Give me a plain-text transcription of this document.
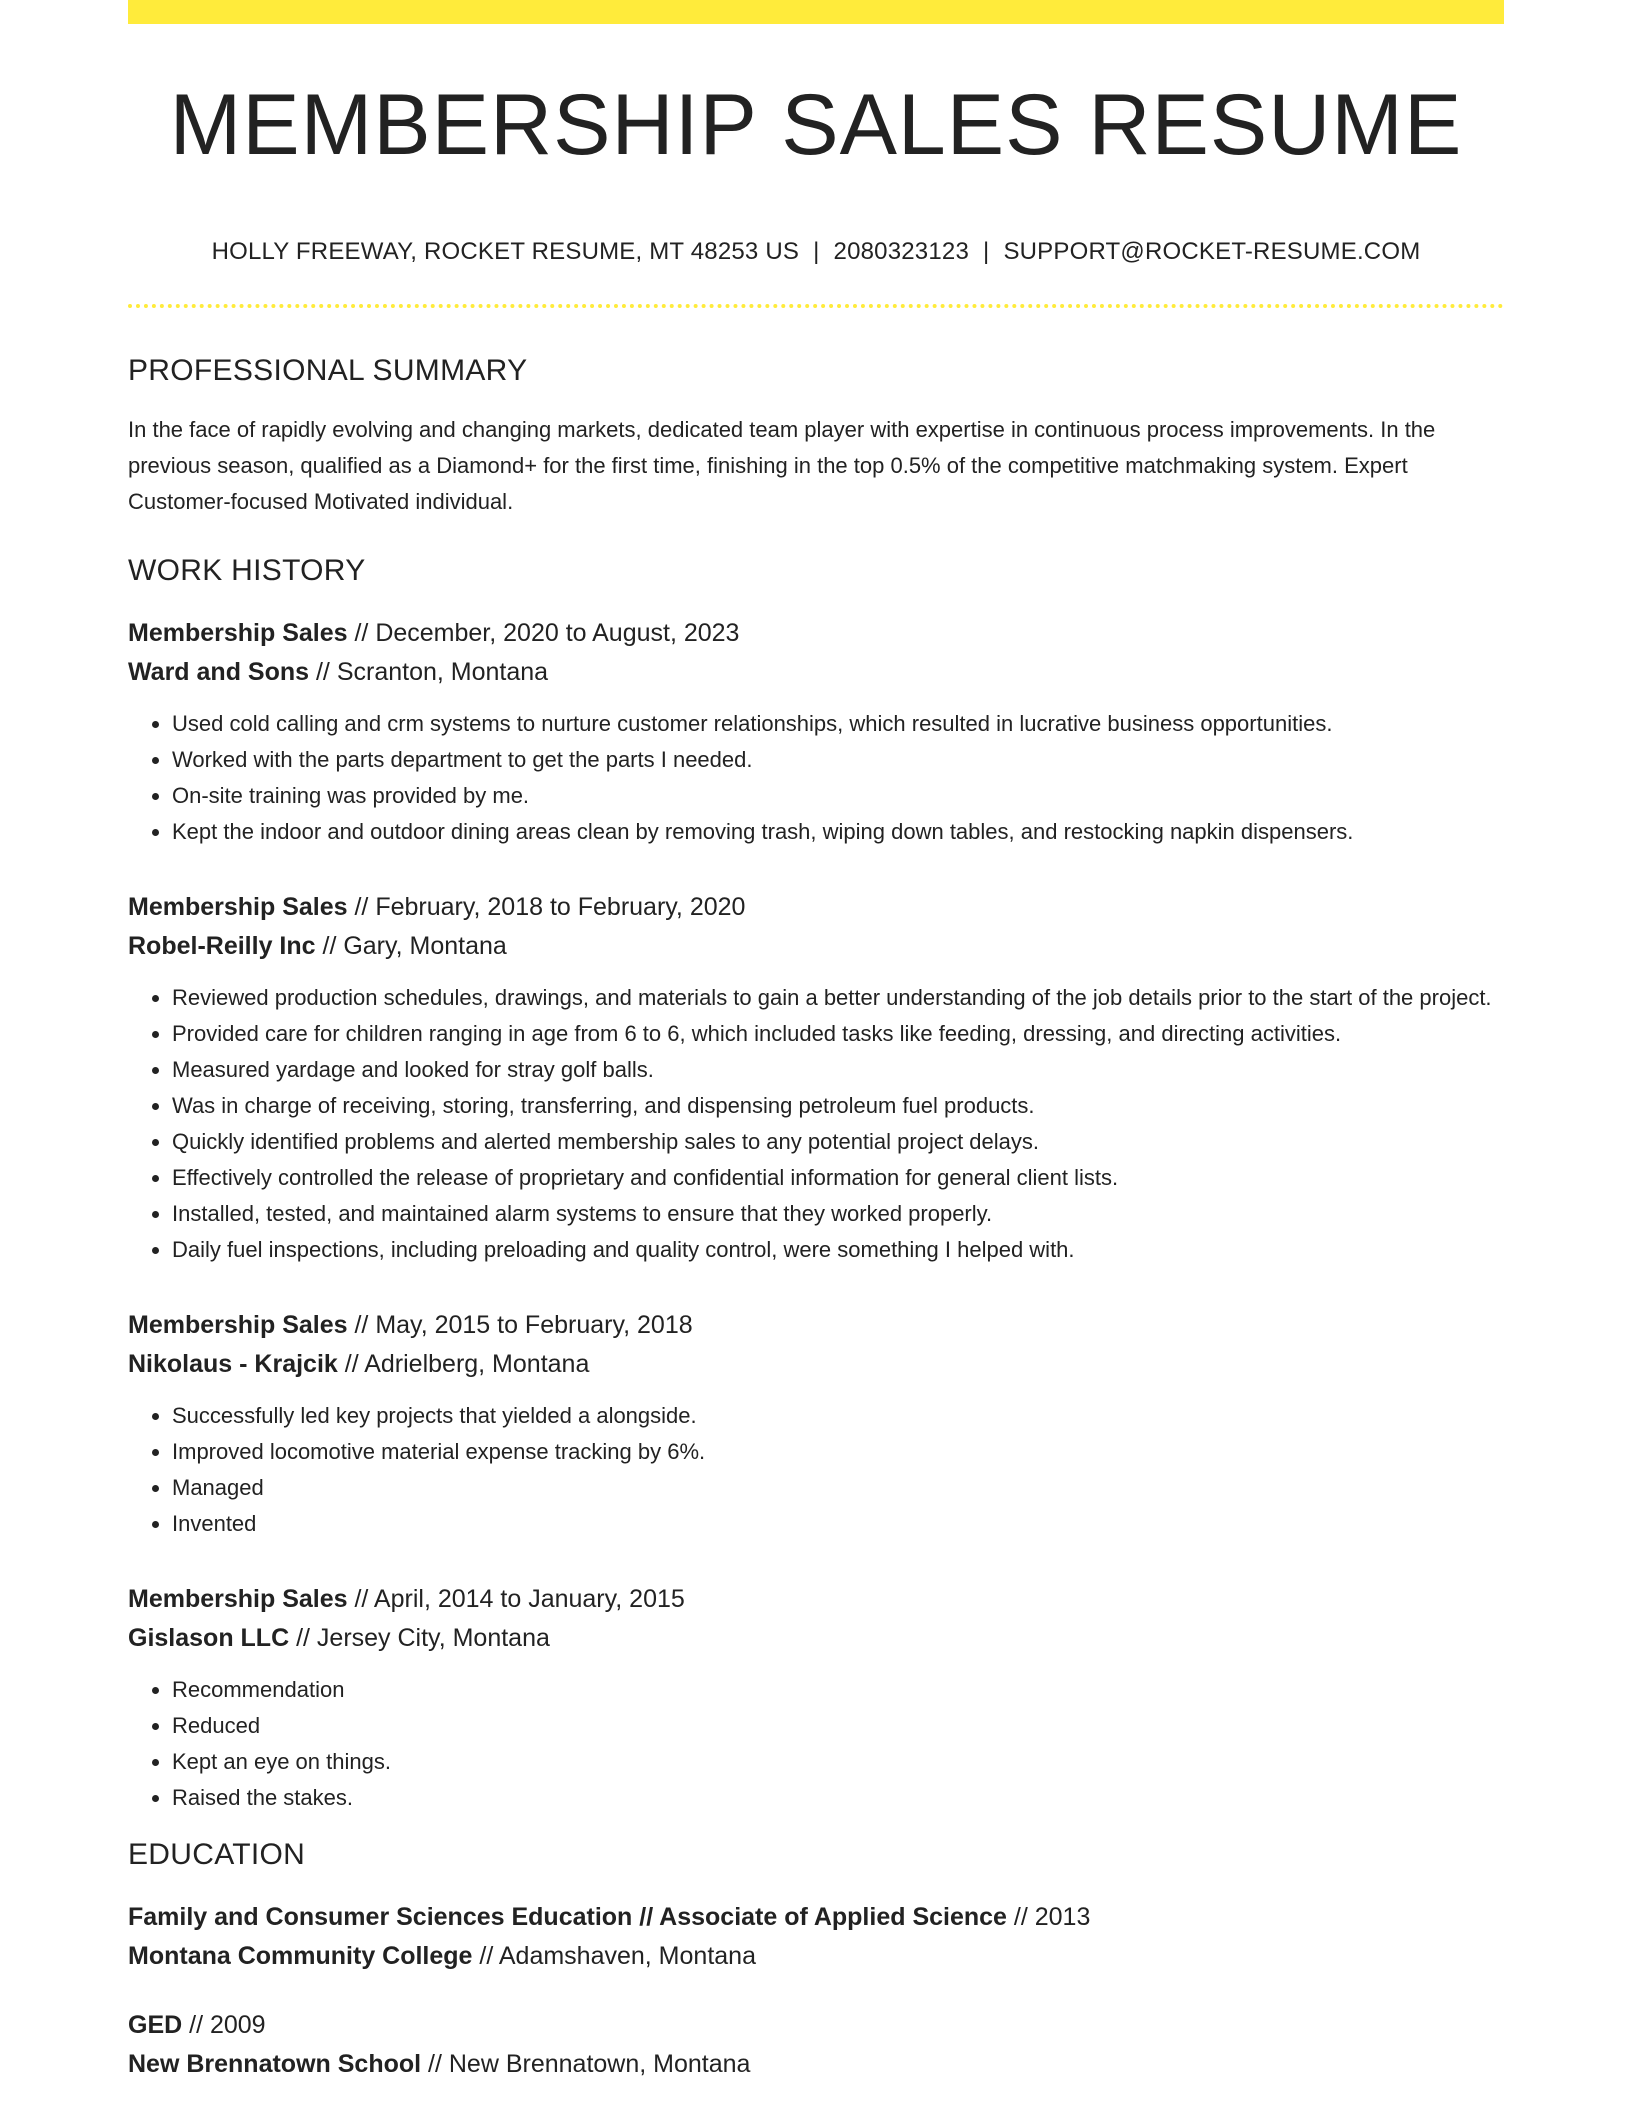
MEMBERSHIP SALES RESUME
HOLLY FREEWAY, ROCKET RESUME, MT 48253 US | 2080323123 | SUPPORT@ROCKET-RESUME.COM
PROFESSIONAL SUMMARY
In the face of rapidly evolving and changing markets, dedicated team player with expertise in continuous process improvements. In the previous season, qualified as a Diamond+ for the first time, finishing in the top 0.5% of the competitive matchmaking system. Expert Customer-focused Motivated individual.
WORK HISTORY
Membership Sales // December, 2020 to August, 2023
Ward and Sons // Scranton, Montana
• Used cold calling and crm systems to nurture customer relationships, which resulted in lucrative business opportunities.
• Worked with the parts department to get the parts I needed.
• On-site training was provided by me.
• Kept the indoor and outdoor dining areas clean by removing trash, wiping down tables, and restocking napkin dispensers.
Membership Sales // February, 2018 to February, 2020
Robel-Reilly Inc // Gary, Montana
• Reviewed production schedules, drawings, and materials to gain a better understanding of the job details prior to the start of the project.
• Provided care for children ranging in age from 6 to 6, which included tasks like feeding, dressing, and directing activities.
• Measured yardage and looked for stray golf balls.
• Was in charge of receiving, storing, transferring, and dispensing petroleum fuel products.
• Quickly identified problems and alerted membership sales to any potential project delays.
• Effectively controlled the release of proprietary and confidential information for general client lists.
• Installed, tested, and maintained alarm systems to ensure that they worked properly.
• Daily fuel inspections, including preloading and quality control, were something I helped with.
Membership Sales // May, 2015 to February, 2018
Nikolaus - Krajcik // Adrielberg, Montana
• Successfully led key projects that yielded a alongside.
• Improved locomotive material expense tracking by 6%.
• Managed
• Invented
Membership Sales // April, 2014 to January, 2015
Gislason LLC // Jersey City, Montana
• Recommendation
• Reduced
• Kept an eye on things.
• Raised the stakes.
EDUCATION
Family and Consumer Sciences Education // Associate of Applied Science // 2013
Montana Community College // Adamshaven, Montana
GED // 2009
New Brennatown School // New Brennatown, Montana
